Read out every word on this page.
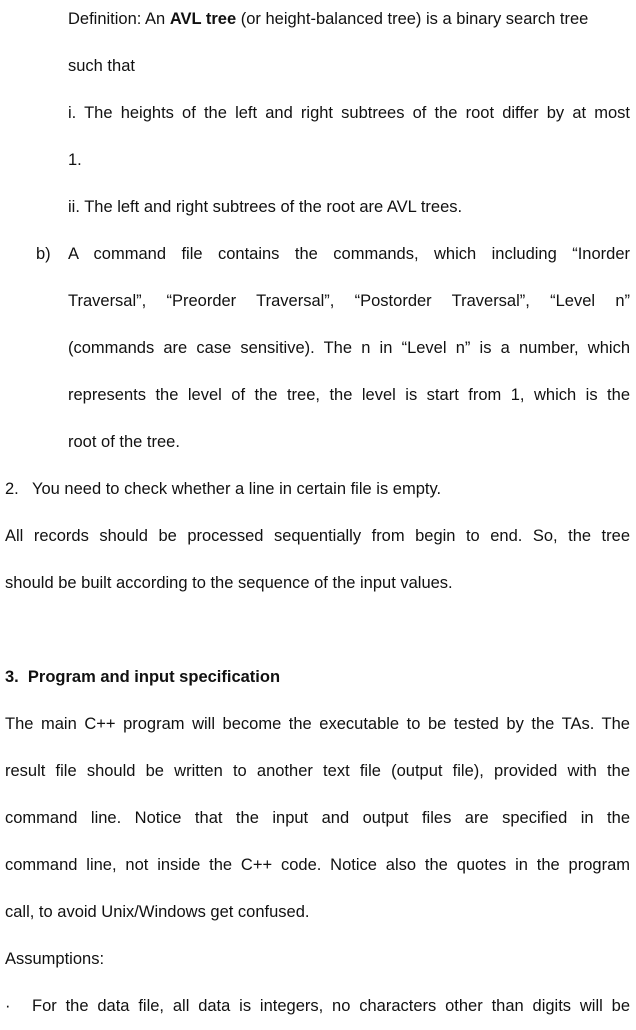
Definition: An AVL tree (or height-balanced tree) is a binary search tree
such that
i. The heights of the left and right subtrees of the root differ by at most
1.
ii. The left and right subtrees of the root are AVL trees.
b)	A command file contains the commands, which including “Inorder
Traversal”, “Preorder Traversal”, “Postorder Traversal”, “Level n”
(commands are case sensitive). The n in “Level n” is a number, which
represents the level of the tree, the level is start from 1, which is the
root of the tree.
2. You need to check whether a line in certain file is empty.
All records should be processed sequentially from begin to end. So, the tree
should be built according to the sequence of the input values.
3.  Program and input specification
The main C++ program will become the executable to be tested by the TAs. The
result file should be written to another text file (output file), provided with the
command line. Notice that the input and output files are specified in the
command line, not inside the C++ code. Notice also the quotes in the program
call, to avoid Unix/Windows get confused.
Assumptions:
·	For the data file, all data is integers, no characters other than digits will be
